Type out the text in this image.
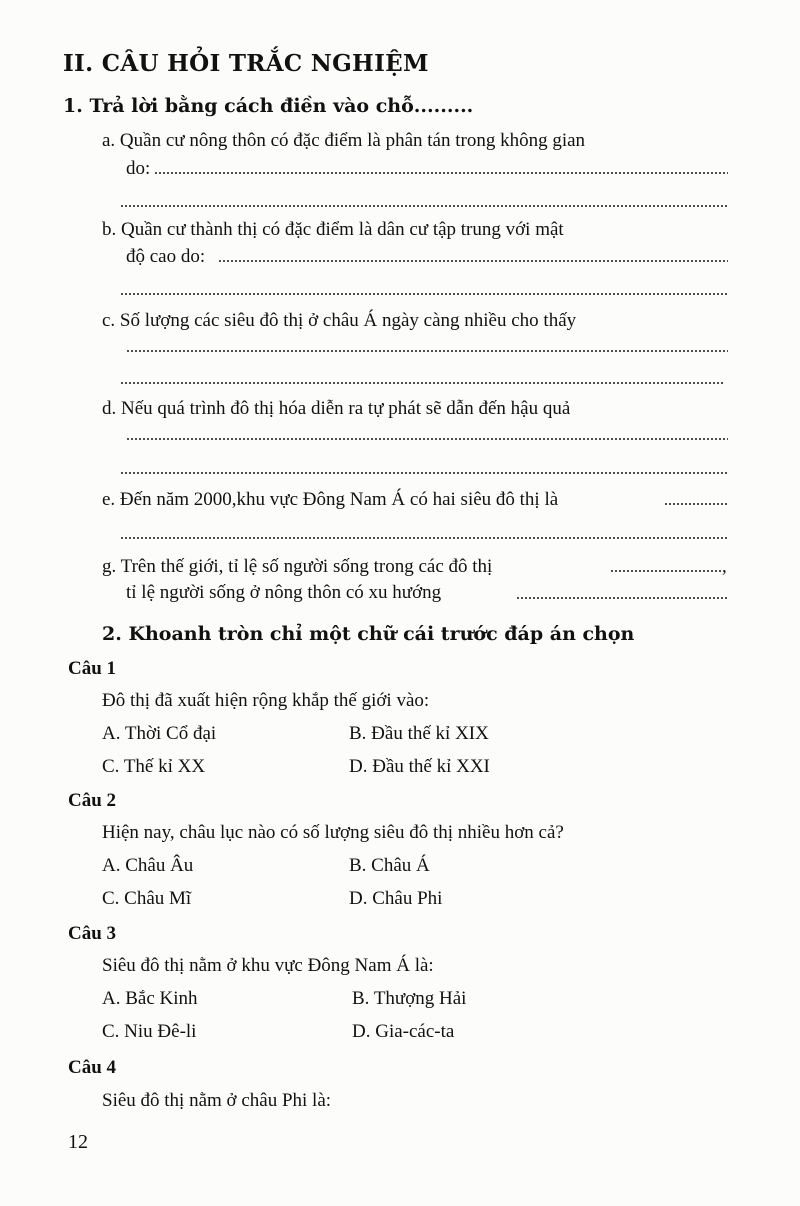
II. CÂU HỎI TRẮC NGHIỆM
1. Trả lời bằng cách điền vào chỗ.........
a. Quần cư nông thôn có đặc điểm là phân tán trong không gian
do:
b. Quần cư thành thị có đặc điểm là dân cư tập trung với mật
độ cao do:
c. Số lượng các siêu đô thị ở châu Á ngày càng nhiều cho thấy
d. Nếu quá trình đô thị hóa diễn ra tự phát sẽ dẫn đến hậu quả
e. Đến năm 2000,khu vực Đông Nam Á có hai siêu đô thị là
g. Trên thế giới, tỉ lệ số người sống trong các đô thị	,
tỉ lệ người sống ở nông thôn có xu hướng
2. Khoanh tròn chỉ một chữ cái trước đáp án chọn
Câu 1
Đô thị đã xuất hiện rộng khắp thế giới vào:
A. Thời Cổ đại	B. Đầu thế kỉ XIX
C. Thế kỉ XX	D. Đầu thế kỉ XXI
Câu 2
Hiện nay, châu lục nào có số lượng siêu đô thị nhiều hơn cả?
A. Châu Âu	B. Châu Á
C. Châu Mĩ	D. Châu Phi
Câu 3
Siêu đô thị nằm ở khu vực Đông Nam Á là:
A. Bắc Kinh	B. Thượng Hải
C. Niu Đê-li	D. Gia-các-ta
Câu 4
Siêu đô thị nằm ở châu Phi là:
12
